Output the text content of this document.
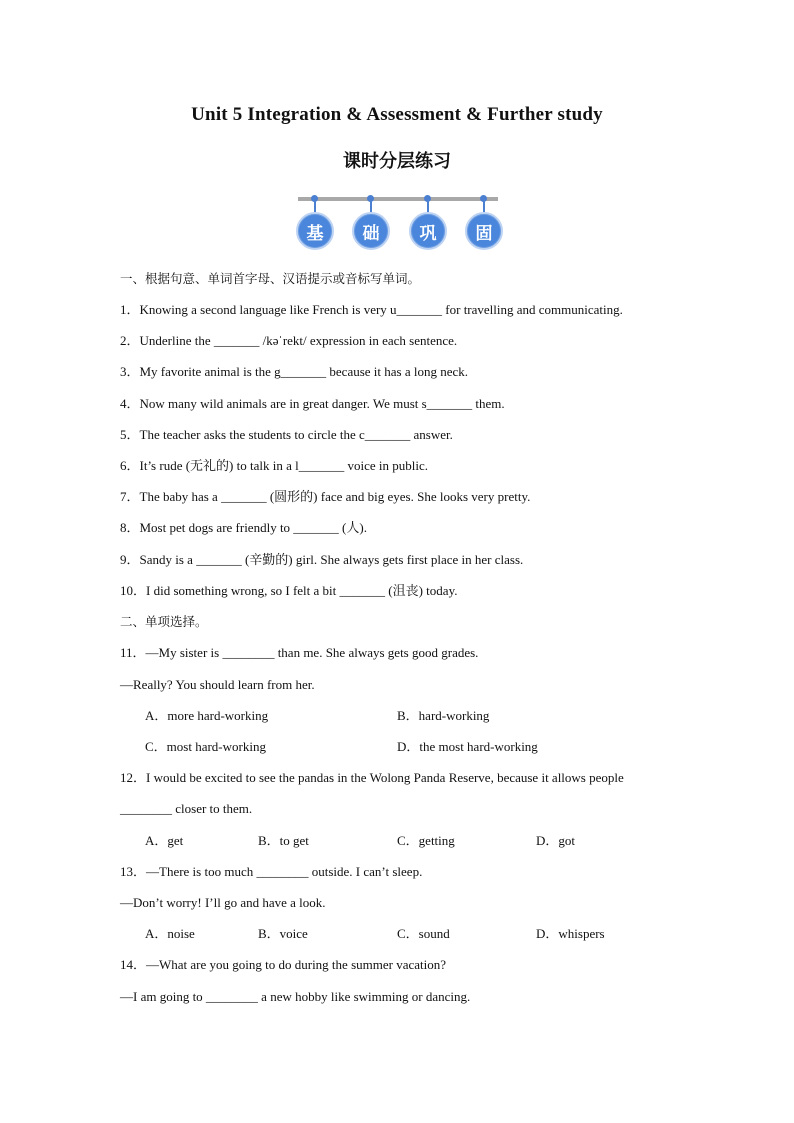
Unit 5 Integration & Assessment & Further study
课时分层练习
基	础	巩	固
一、根据句意、单词首字母、汉语提示或音标写单词。
1．Knowing a second language like French is very u_______ for travelling and communicating.
2．Underline the _______ /kəˈrekt/ expression in each sentence.
3．My favorite animal is the g_______ because it has a long neck.
4．Now many wild animals are in great danger. We must s_______ them.
5．The teacher asks the students to circle the c_______ answer.
6．It’s rude (无礼的) to talk in a l_______ voice in public.
7．The baby has a _______ (圆形的) face and big eyes. She looks very pretty.
8．Most pet dogs are friendly to _______ (人).
9．Sandy is a _______ (辛勤的) girl. She always gets first place in her class.
10．I did something wrong, so I felt a bit _______ (沮丧) today.
二、单项选择。
11．—My sister is ________ than me. She always gets good grades.
—Really? You should learn from her.
A．more hard-working	B．hard-working
C．most hard-working	D．the most hard-working
12．I would be excited to see the pandas in the Wolong Panda Reserve, because it allows people
________ closer to them.
A．get	B．to get	C．getting	D．got
13．—There is too much ________ outside. I can’t sleep.
—Don’t worry! I’ll go and have a look.
A．noise	B．voice	C．sound	D．whispers
14．—What are you going to do during the summer vacation?
—I am going to ________ a new hobby like swimming or dancing.
